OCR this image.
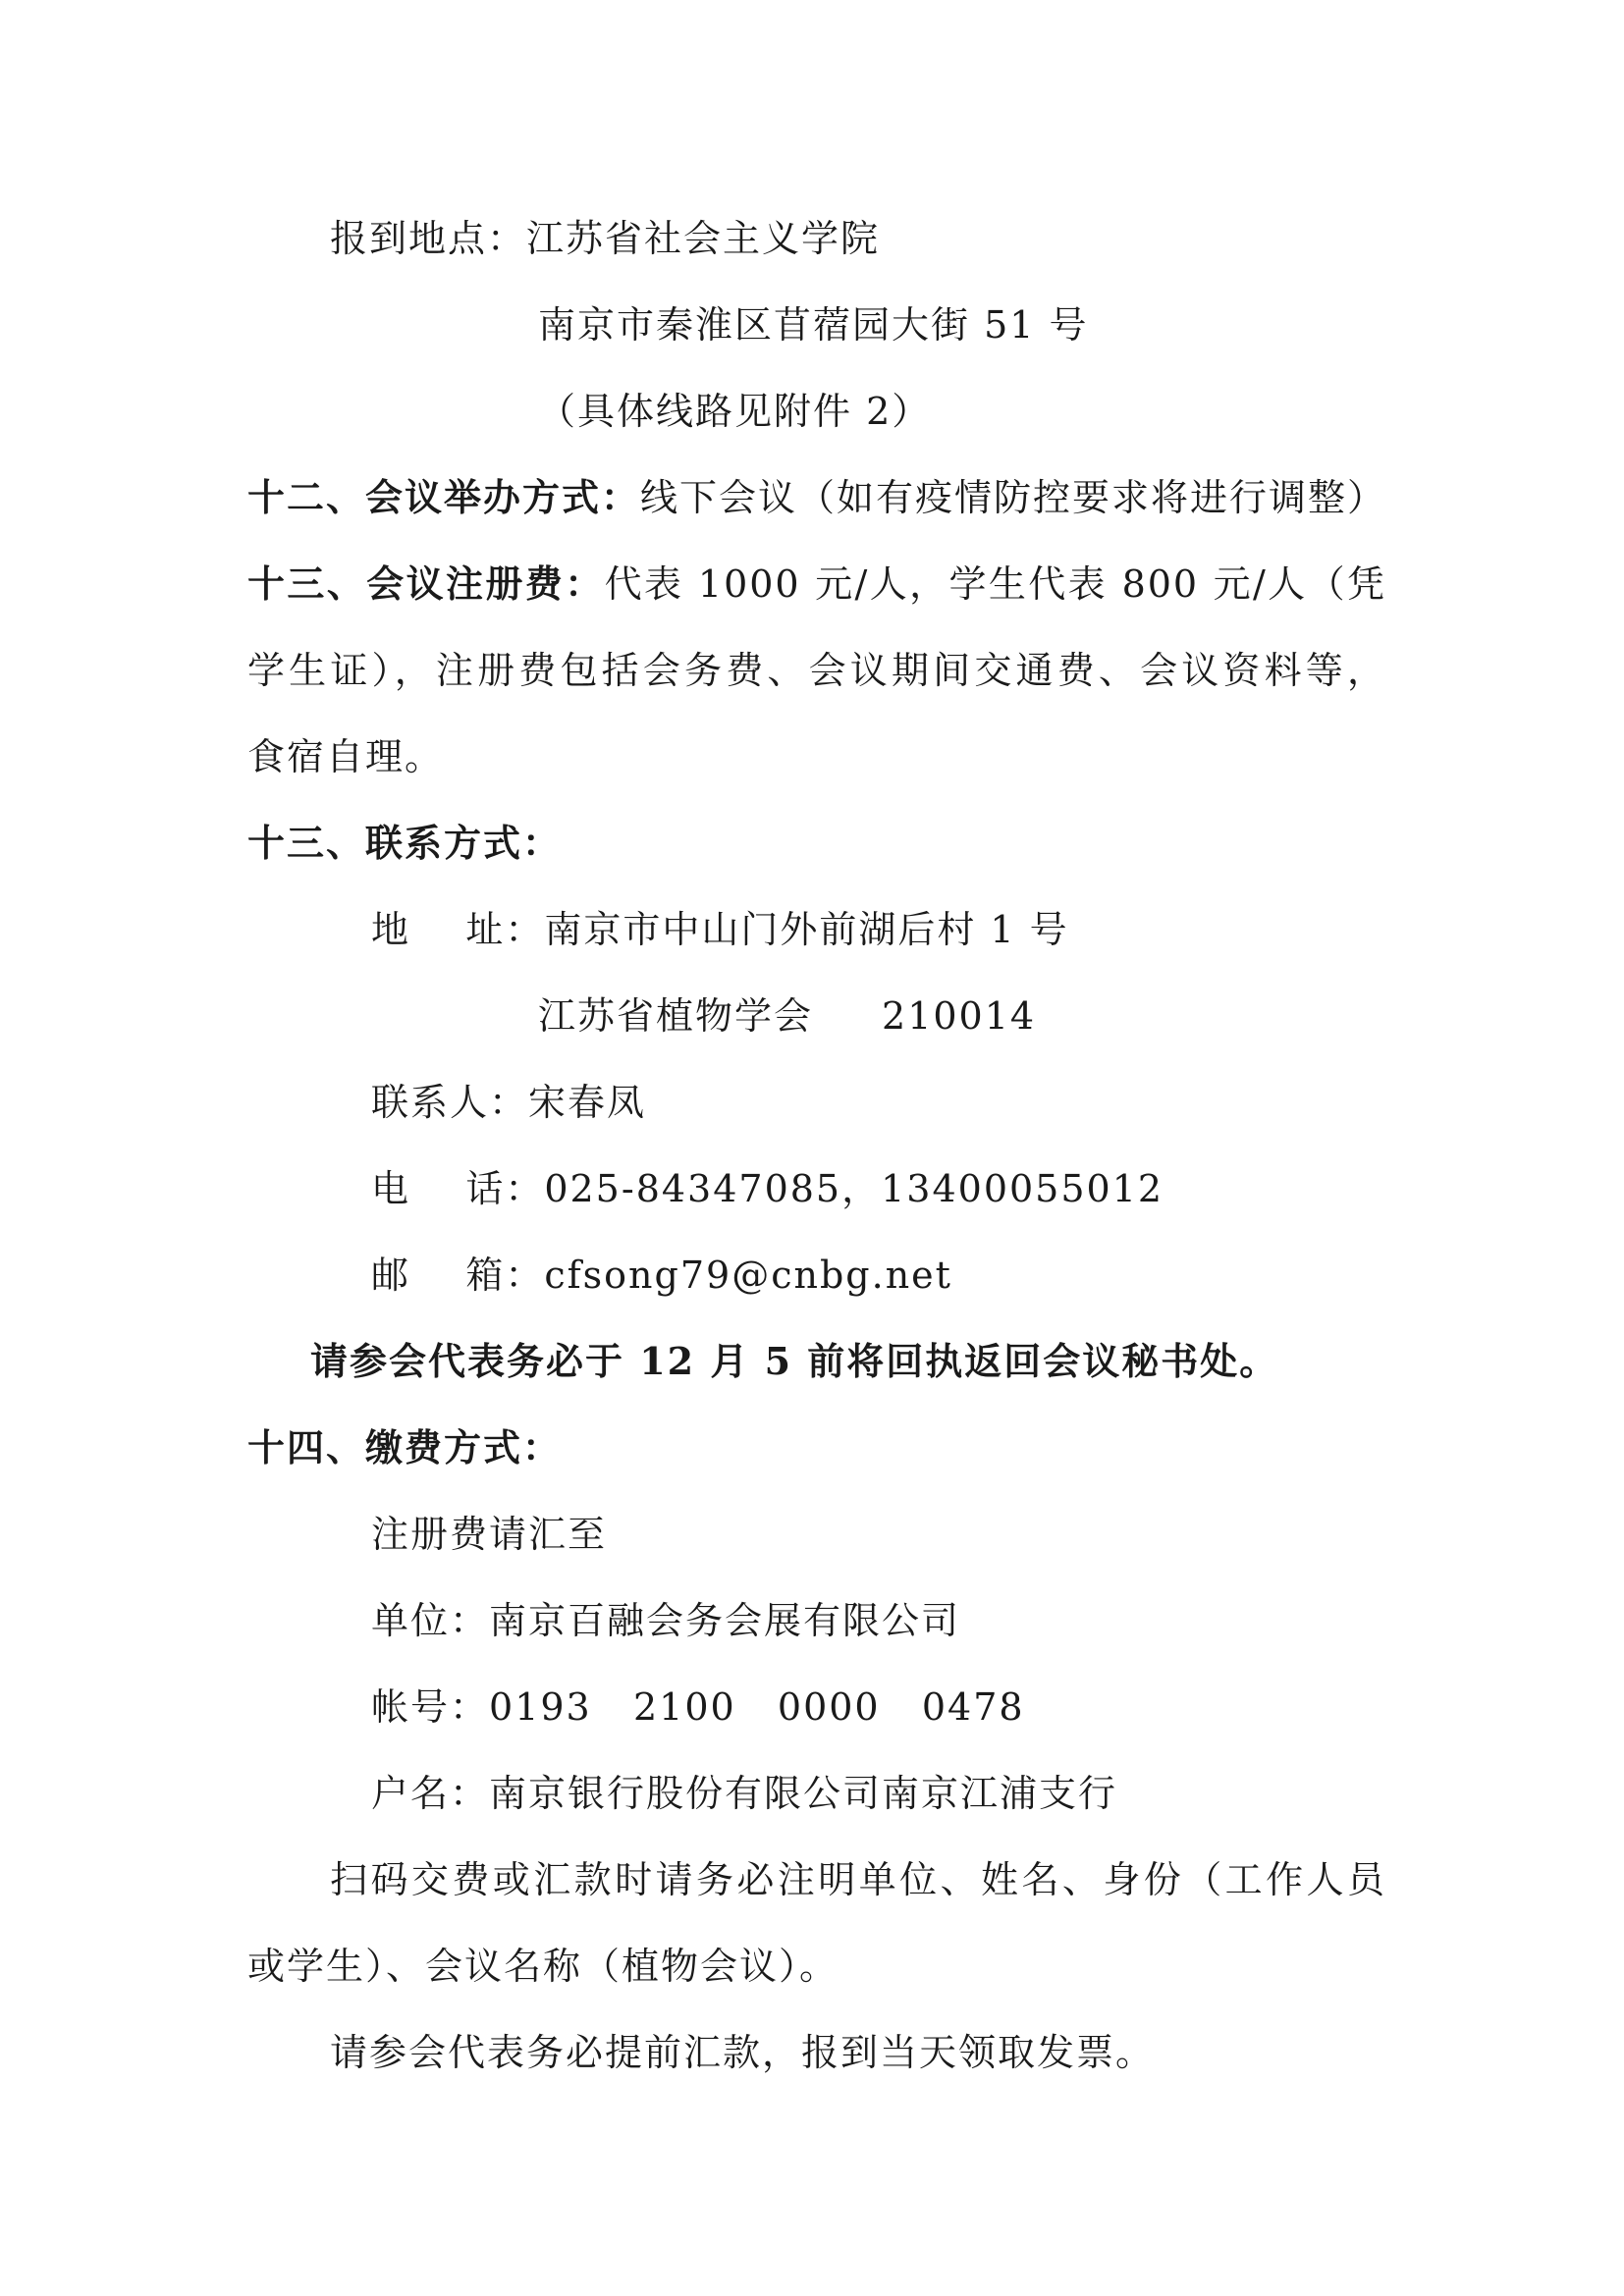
报到地点：江苏省社会主义学院
南京市秦淮区苜蓿园大街 51 号
（具体线路见附件 2）
十二、会议举办方式：线下会议（如有疫情防控要求将进行调整）
十三、会议注册费：代表 1000 元/人，学生代表 800 元/人（凭
学生证），注册费包括会务费、会议期间交通费、会议资料等，
食宿自理。
十三、联系方式：
地    址：南京市中山门外前湖后村 1 号
江苏省植物学会 210014
联系人：宋春凤
电    话：025-84347085，13400055012
邮    箱：cfsong79@cnbg.net
请参会代表务必于 12 月 5 前将回执返回会议秘书处。
十四、缴费方式：
注册费请汇至
单位：南京百融会务会展有限公司
帐号：0193   2100   0000   0478
户名：南京银行股份有限公司南京江浦支行
扫码交费或汇款时请务必注明单位、姓名、身份（工作人员
或学生）、会议名称（植物会议）。
请参会代表务必提前汇款，报到当天领取发票。
